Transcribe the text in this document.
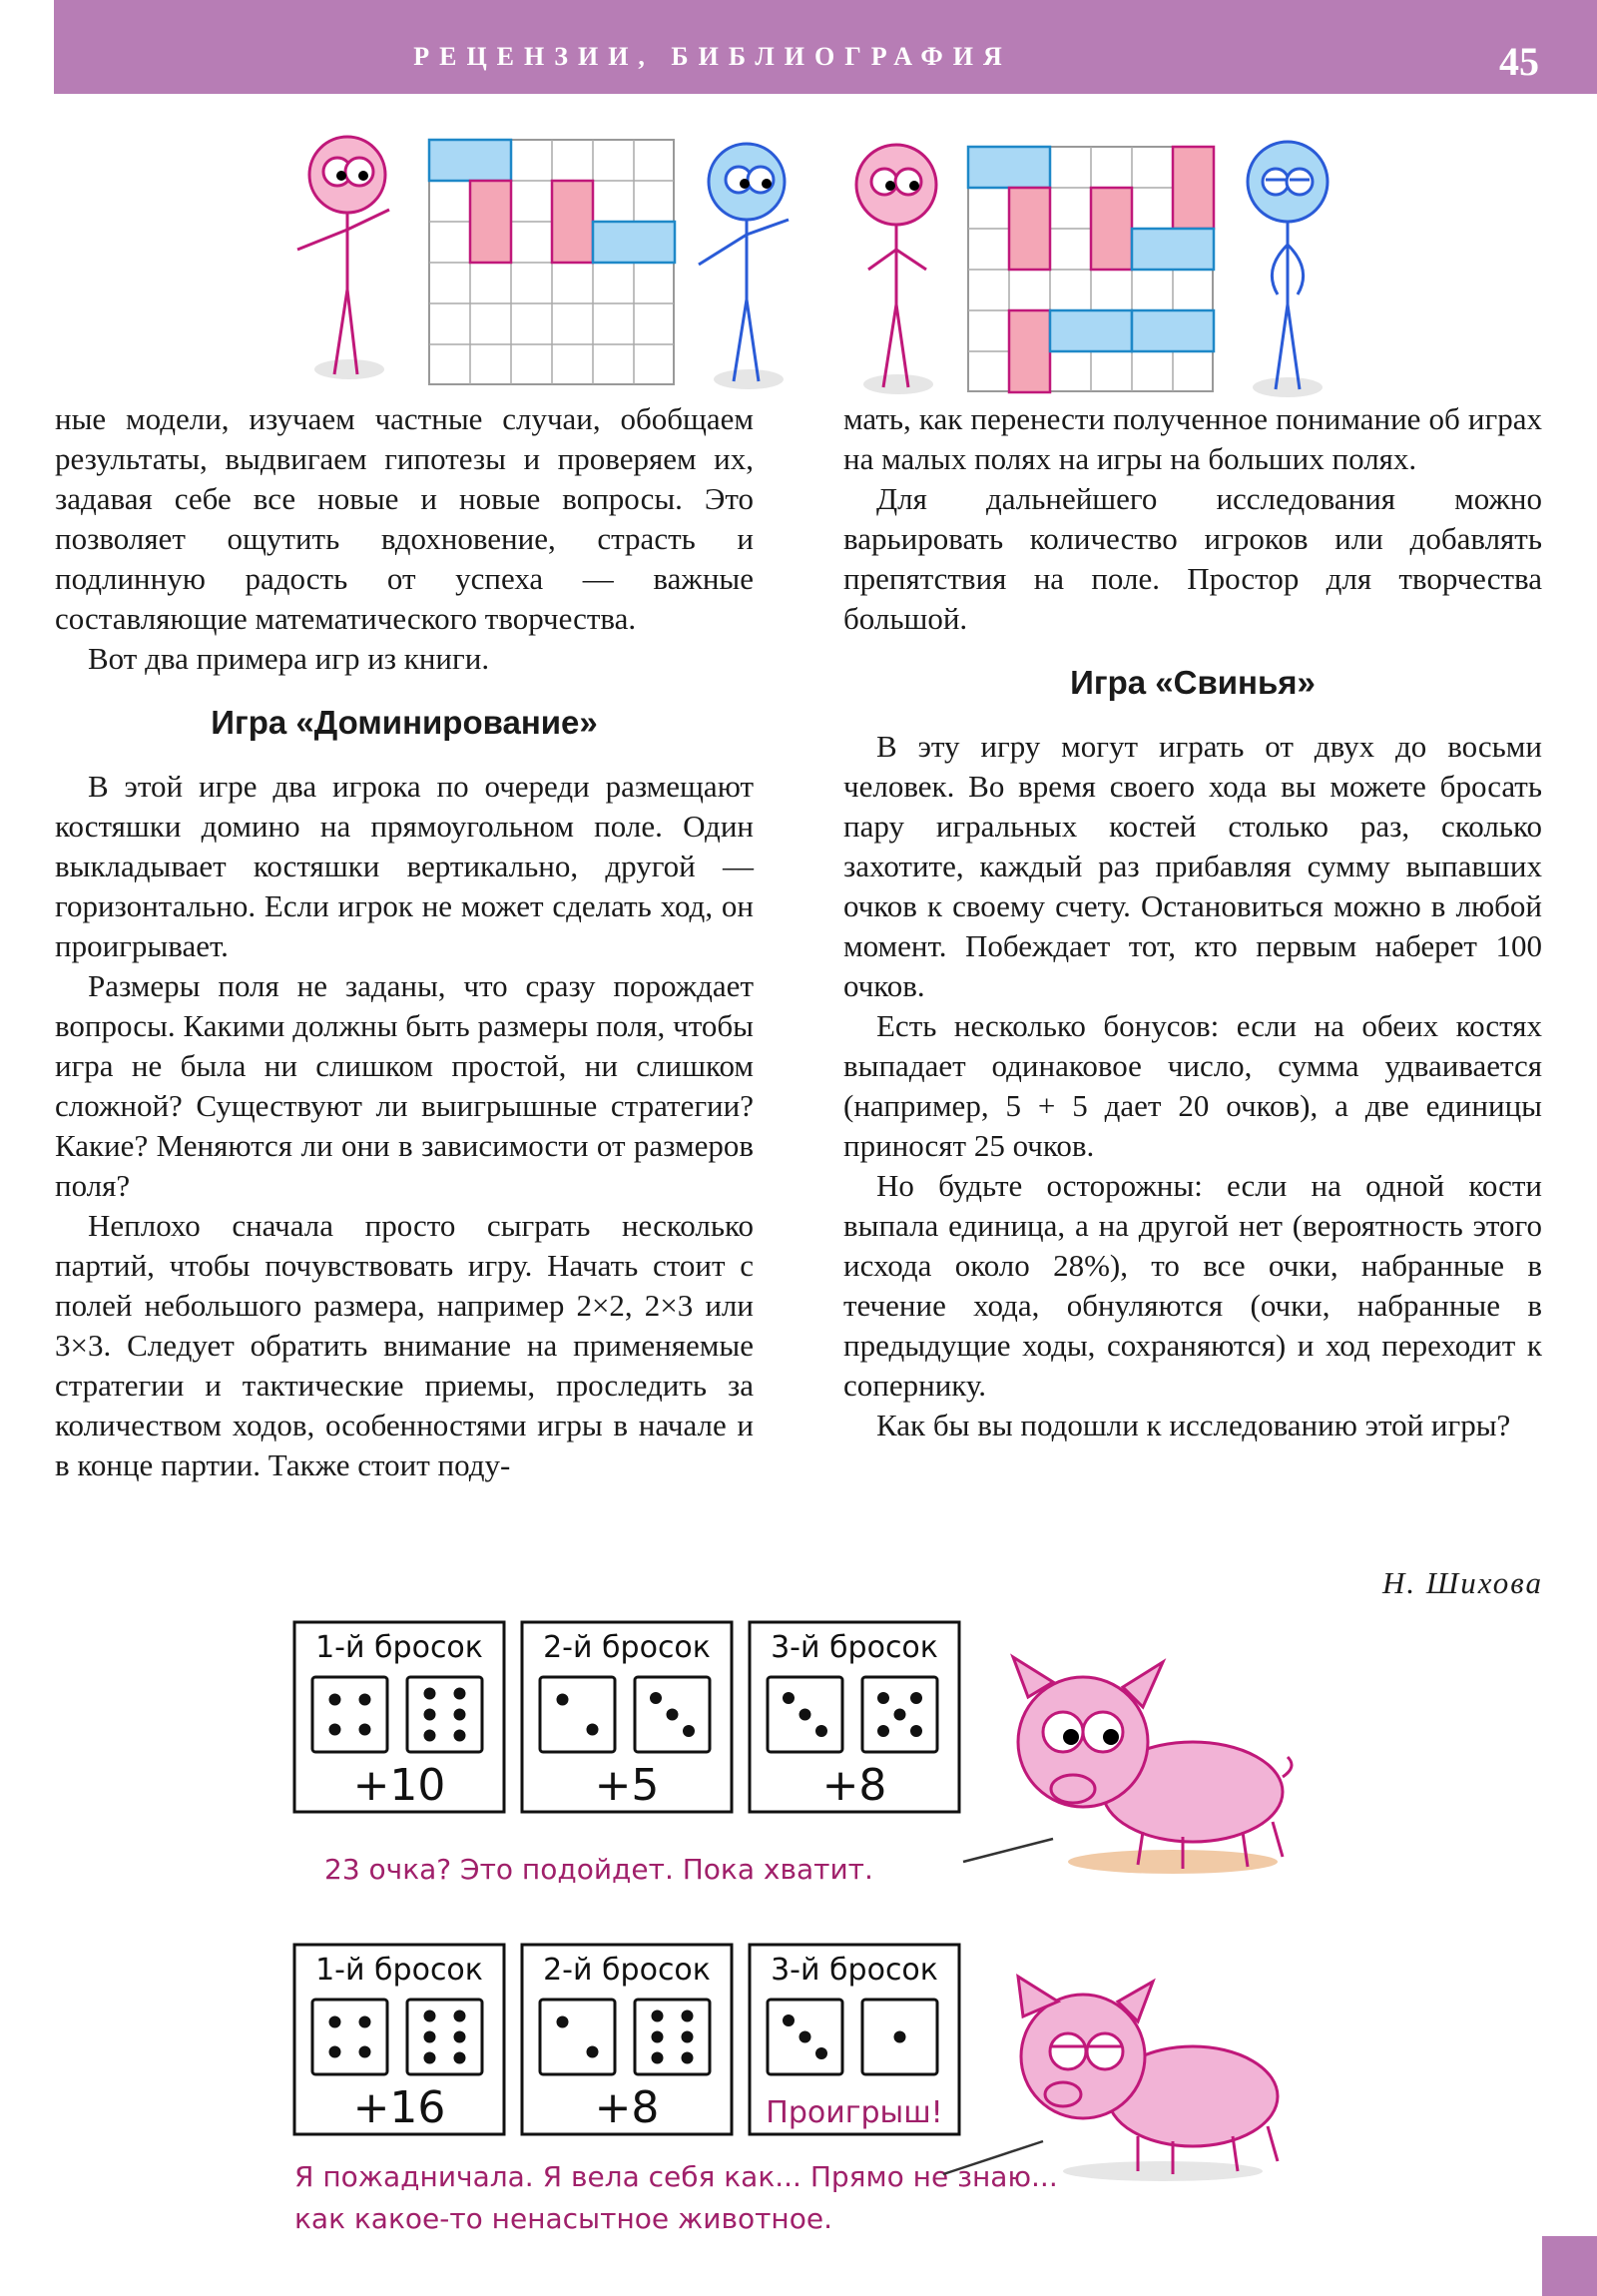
РЕЦЕНЗИИ, БИБЛИОГРАФИЯ	45

ные модели, изучаем частные случаи, обобщаем результаты, выдвигаем гипотезы и проверяем их, задавая себе все новые и новые вопросы. Это позволяет ощутить вдохновение, страсть и подлинную радость от успеха — важные составляющие математического творчества.

Вот два примера игр из книги.

Игра «Доминирование»

В этой игре два игрока по очереди размещают костяшки домино на прямоугольном поле. Один выкладывает костяшки вертикально, другой — горизонтально. Если игрок не может сделать ход, он проигрывает.

Размеры поля не заданы, что сразу порождает вопросы. Какими должны быть размеры поля, чтобы игра не была ни слишком простой, ни слишком сложной? Существуют ли выигрышные стратегии? Какие? Меняются ли они в зависимости от размеров поля?

Неплохо сначала просто сыграть несколько партий, чтобы почувствовать игру. Начать стоит с полей небольшого размера, например 2×2, 2×3 или 3×3. Следует обратить внимание на применяемые стратегии и тактические приемы, проследить за количеством ходов, особенностями игры в начале и в конце партии. Также стоит поду-

мать, как перенести полученное понимание об играх на малых полях на игры на больших полях.

Для дальнейшего исследования можно варьировать количество игроков или добавлять препятствия на поле. Простор для творчества большой.

Игра «Свинья»

В эту игру могут играть от двух до восьми человек. Во время своего хода вы можете бросать пару игральных костей столько раз, сколько захотите, каждый раз прибавляя сумму выпавших очков к своему счету. Остановиться можно в любой момент. Побеждает тот, кто первым наберет 100 очков.

Есть несколько бонусов: если на обеих костях выпадает одинаковое число, сумма удваивается (например, 5 + 5 дает 20 очков), а две единицы приносят 25 очков.

Но будьте осторожны: если на одной кости выпала единица, а на другой нет (вероятность этого исхода около 28%), то все очки, набранные в течение хода, обнуляются (очки, набранные в предыдущие ходы, сохраняются) и ход переходит к сопернику.

Как бы вы подошли к исследованию этой игры?

Н. Шихова
1-й бросок
+10
2-й бросок
+5
3-й бросок
+8
23 очка? Это подойдет. Пока хватит.
1-й бросок
+16
2-й бросок
+8
3-й бросок
Проигрыш!
Я пожадничала. Я вела себя как... Прямо не знаю...
как какое-то ненасытное животное.
